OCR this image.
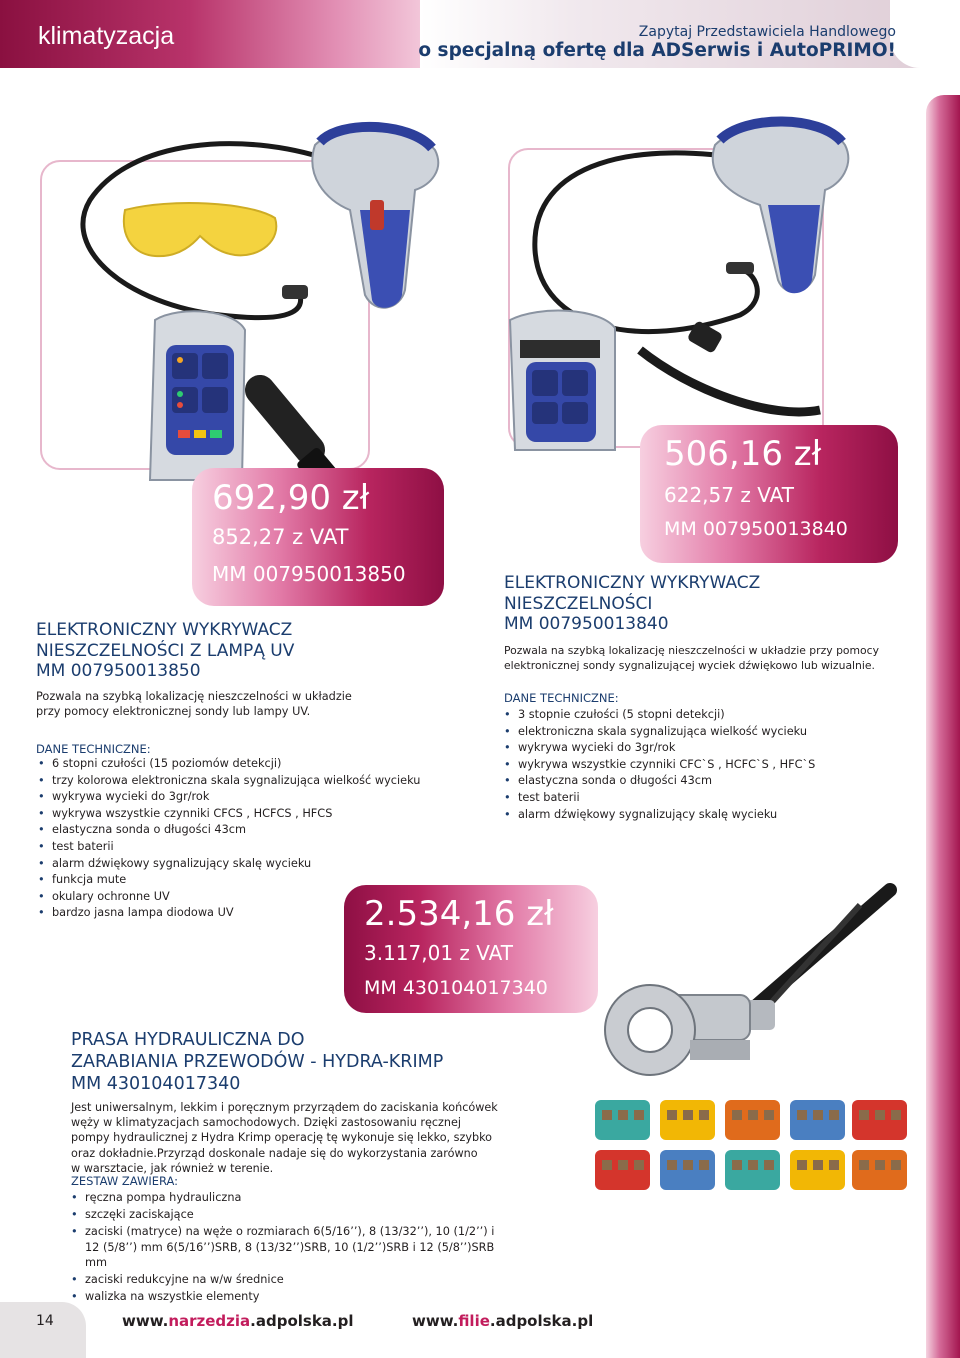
klimatyzacja	Zapytaj Przedstawiciela Handlowego
o specjalną ofertę dla ADSerwis i AutoPRIMO!
692,90 zł
852,27 z VAT
MM 007950013850
ELEKTRONICZNY WYKRYWACZ
NIESZCZELNOŚCI Z LAMPĄ UV
MM 007950013850
Pozwala na szybką lokalizację nieszczelności w układzie
przy pomocy elektronicznej sondy lub lampy UV.
DANE TECHNICZNE:
• 6 stopni czułości (15 poziomów detekcji)
• trzy kolorowa elektroniczna skala sygnalizująca wielkość wycieku
• wykrywa wycieki do 3gr/rok
• wykrywa wszystkie czynniki CFCS , HCFCS , HFCS
• elastyczna sonda o długości 43cm
• test baterii
• alarm dźwiękowy sygnalizujący skalę wycieku
• funkcja mute
• okulary ochronne UV
• bardzo jasna lampa diodowa UV
506,16 zł
622,57 z VAT
MM 007950013840
ELEKTRONICZNY WYKRYWACZ
NIESZCZELNOŚCI
MM 007950013840
Pozwala na szybką lokalizację nieszczelności w układzie przy pomocy
elektronicznej sondy sygnalizującej wyciek dźwiękowo lub wizualnie.
DANE TECHNICZNE:
• 3 stopnie czułości (5 stopni detekcji)
• elektroniczna skala sygnalizująca wielkość wycieku
• wykrywa wycieki do 3gr/rok
• wykrywa wszystkie czynniki CFC`S , HCFC`S , HFC`S
• elastyczna sonda o długości 43cm
• test baterii
• alarm dźwiękowy sygnalizujący skalę wycieku
2.534,16 zł
3.117,01 z VAT
MM 430104017340
PRASA HYDRAULICZNA DO
ZARABIANIA PRZEWODÓW - HYDRA-KRIMP
MM 430104017340
Jest uniwersalnym, lekkim i poręcznym przyrządem do zaciskania końcówek
węży w klimatyzacjach samochodowych. Dzięki zastosowaniu ręcznej
pompy hydraulicznej z Hydra Krimp operację tę wykonuje się lekko, szybko
oraz dokładnie.Przyrząd doskonale nadaje się do wykorzystania zarówno
w warsztacie, jak również w terenie.
ZESTAW ZAWIERA:
• ręczna pompa hydrauliczna
• szczęki zaciskające
• zaciski (matryce) na węże o rozmiarach 6(5/16’’), 8 (13/32’’), 10 (1/2’’) i 12 (5/8’’) mm 6(5/16’’)SRB, 8 (13/32’’)SRB, 10 (1/2’’)SRB i 12 (5/8’’)SRB mm
• zaciski redukcyjne na w/w średnice
• walizka na wszystkie elementy
14	www.narzedzia.adpolska.pl	www.filie.adpolska.pl
